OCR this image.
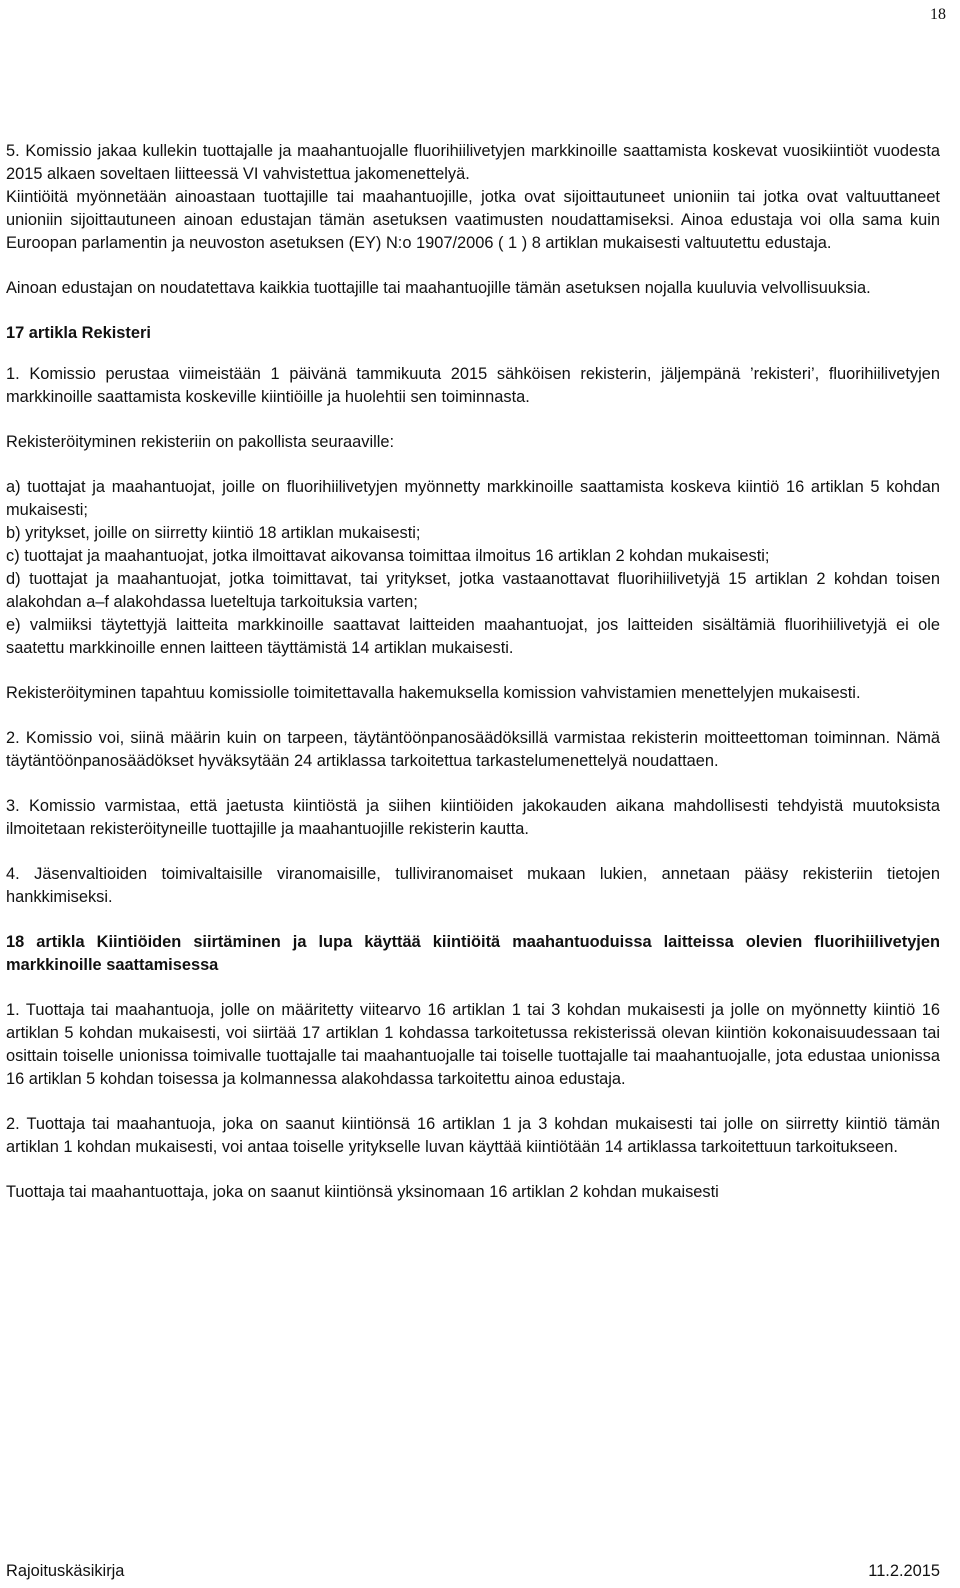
18

5. Komissio jakaa kullekin tuottajalle ja maahantuojalle fluorihiilivetyjen markkinoille saattamista koskevat vuosikiintiöt vuodesta 2015 alkaen soveltaen liitteessä VI vahvistettua jakomenettelyä.

Kiintiöitä myönnetään ainoastaan tuottajille tai maahantuojille, jotka ovat sijoittautuneet unioniin tai jotka ovat valtuuttaneet unioniin sijoittautuneen ainoan edustajan tämän asetuksen vaatimusten noudattamiseksi. Ainoa edustaja voi olla sama kuin Euroopan parlamentin ja neuvoston asetuksen (EY) N:o 1907/2006 ( 1 ) 8 artiklan mukaisesti valtuutettu edustaja.

Ainoan edustajan on noudatettava kaikkia tuottajille tai maahantuojille tämän asetuksen nojalla kuuluvia velvollisuuksia.

17 artikla Rekisteri

1. Komissio perustaa viimeistään 1 päivänä tammikuuta 2015 sähköisen rekisterin, jäljempänä ’rekisteri’, fluorihiilivetyjen markkinoille saattamista koskeville kiintiöille ja huolehtii sen toiminnasta.

Rekisteröityminen rekisteriin on pakollista seuraaville:

a) tuottajat ja maahantuojat, joille on fluorihiilivetyjen myönnetty markkinoille saattamista koskeva kiintiö 16 artiklan 5 kohdan mukaisesti;

b) yritykset, joille on siirretty kiintiö 18 artiklan mukaisesti;

c) tuottajat ja maahantuojat, jotka ilmoittavat aikovansa toimittaa ilmoitus 16 artiklan 2 kohdan mukaisesti;

d) tuottajat ja maahantuojat, jotka toimittavat, tai yritykset, jotka vastaanottavat fluorihiilivetyjä 15 artiklan 2 kohdan toisen alakohdan a–f alakohdassa lueteltuja tarkoituksia varten;

e) valmiiksi täytettyjä laitteita markkinoille saattavat laitteiden maahantuojat, jos laitteiden sisältämiä fluorihiilivetyjä ei ole saatettu markkinoille ennen laitteen täyttämistä 14 artiklan mukaisesti.

Rekisteröityminen tapahtuu komissiolle toimitettavalla hakemuksella komission vahvistamien menettelyjen mukaisesti.

2. Komissio voi, siinä määrin kuin on tarpeen, täytäntöönpanosäädöksillä varmistaa rekisterin moitteettoman toiminnan. Nämä täytäntöönpanosäädökset hyväksytään 24 artiklassa tarkoitettua tarkastelumenettelyä noudattaen.

3. Komissio varmistaa, että jaetusta kiintiöstä ja siihen kiintiöiden jakokauden aikana mahdollisesti tehdyistä muutoksista ilmoitetaan rekisteröityneille tuottajille ja maahantuojille rekisterin kautta.

4. Jäsenvaltioiden toimivaltaisille viranomaisille, tulliviranomaiset mukaan lukien, annetaan pääsy rekisteriin tietojen hankkimiseksi.

18 artikla Kiintiöiden siirtäminen ja lupa käyttää kiintiöitä maahantuoduissa laitteissa olevien fluorihiilivetyjen markkinoille saattamisessa

1. Tuottaja tai maahantuoja, jolle on määritetty viitearvo 16 artiklan 1 tai 3 kohdan mukaisesti ja jolle on myönnetty kiintiö 16 artiklan 5 kohdan mukaisesti, voi siirtää 17 artiklan 1 kohdassa tarkoitetussa rekisterissä olevan kiintiön kokonaisuudessaan tai osittain toiselle unionissa toimivalle tuottajalle tai maahantuojalle tai toiselle tuottajalle tai maahantuojalle, jota edustaa unionissa 16 artiklan 5 kohdan toisessa ja kolmannessa alakohdassa tarkoitettu ainoa edustaja.

2. Tuottaja tai maahantuoja, joka on saanut kiintiönsä 16 artiklan 1 ja 3 kohdan mukaisesti tai jolle on siirretty kiintiö tämän artiklan 1 kohdan mukaisesti, voi antaa toiselle yritykselle luvan käyttää kiintiötään 14 artiklassa tarkoitettuun tarkoitukseen.

Tuottaja tai maahantuottaja, joka on saanut kiintiönsä yksinomaan 16 artiklan 2 kohdan mukaisesti

Rajoituskäsikirja	11.2.2015
